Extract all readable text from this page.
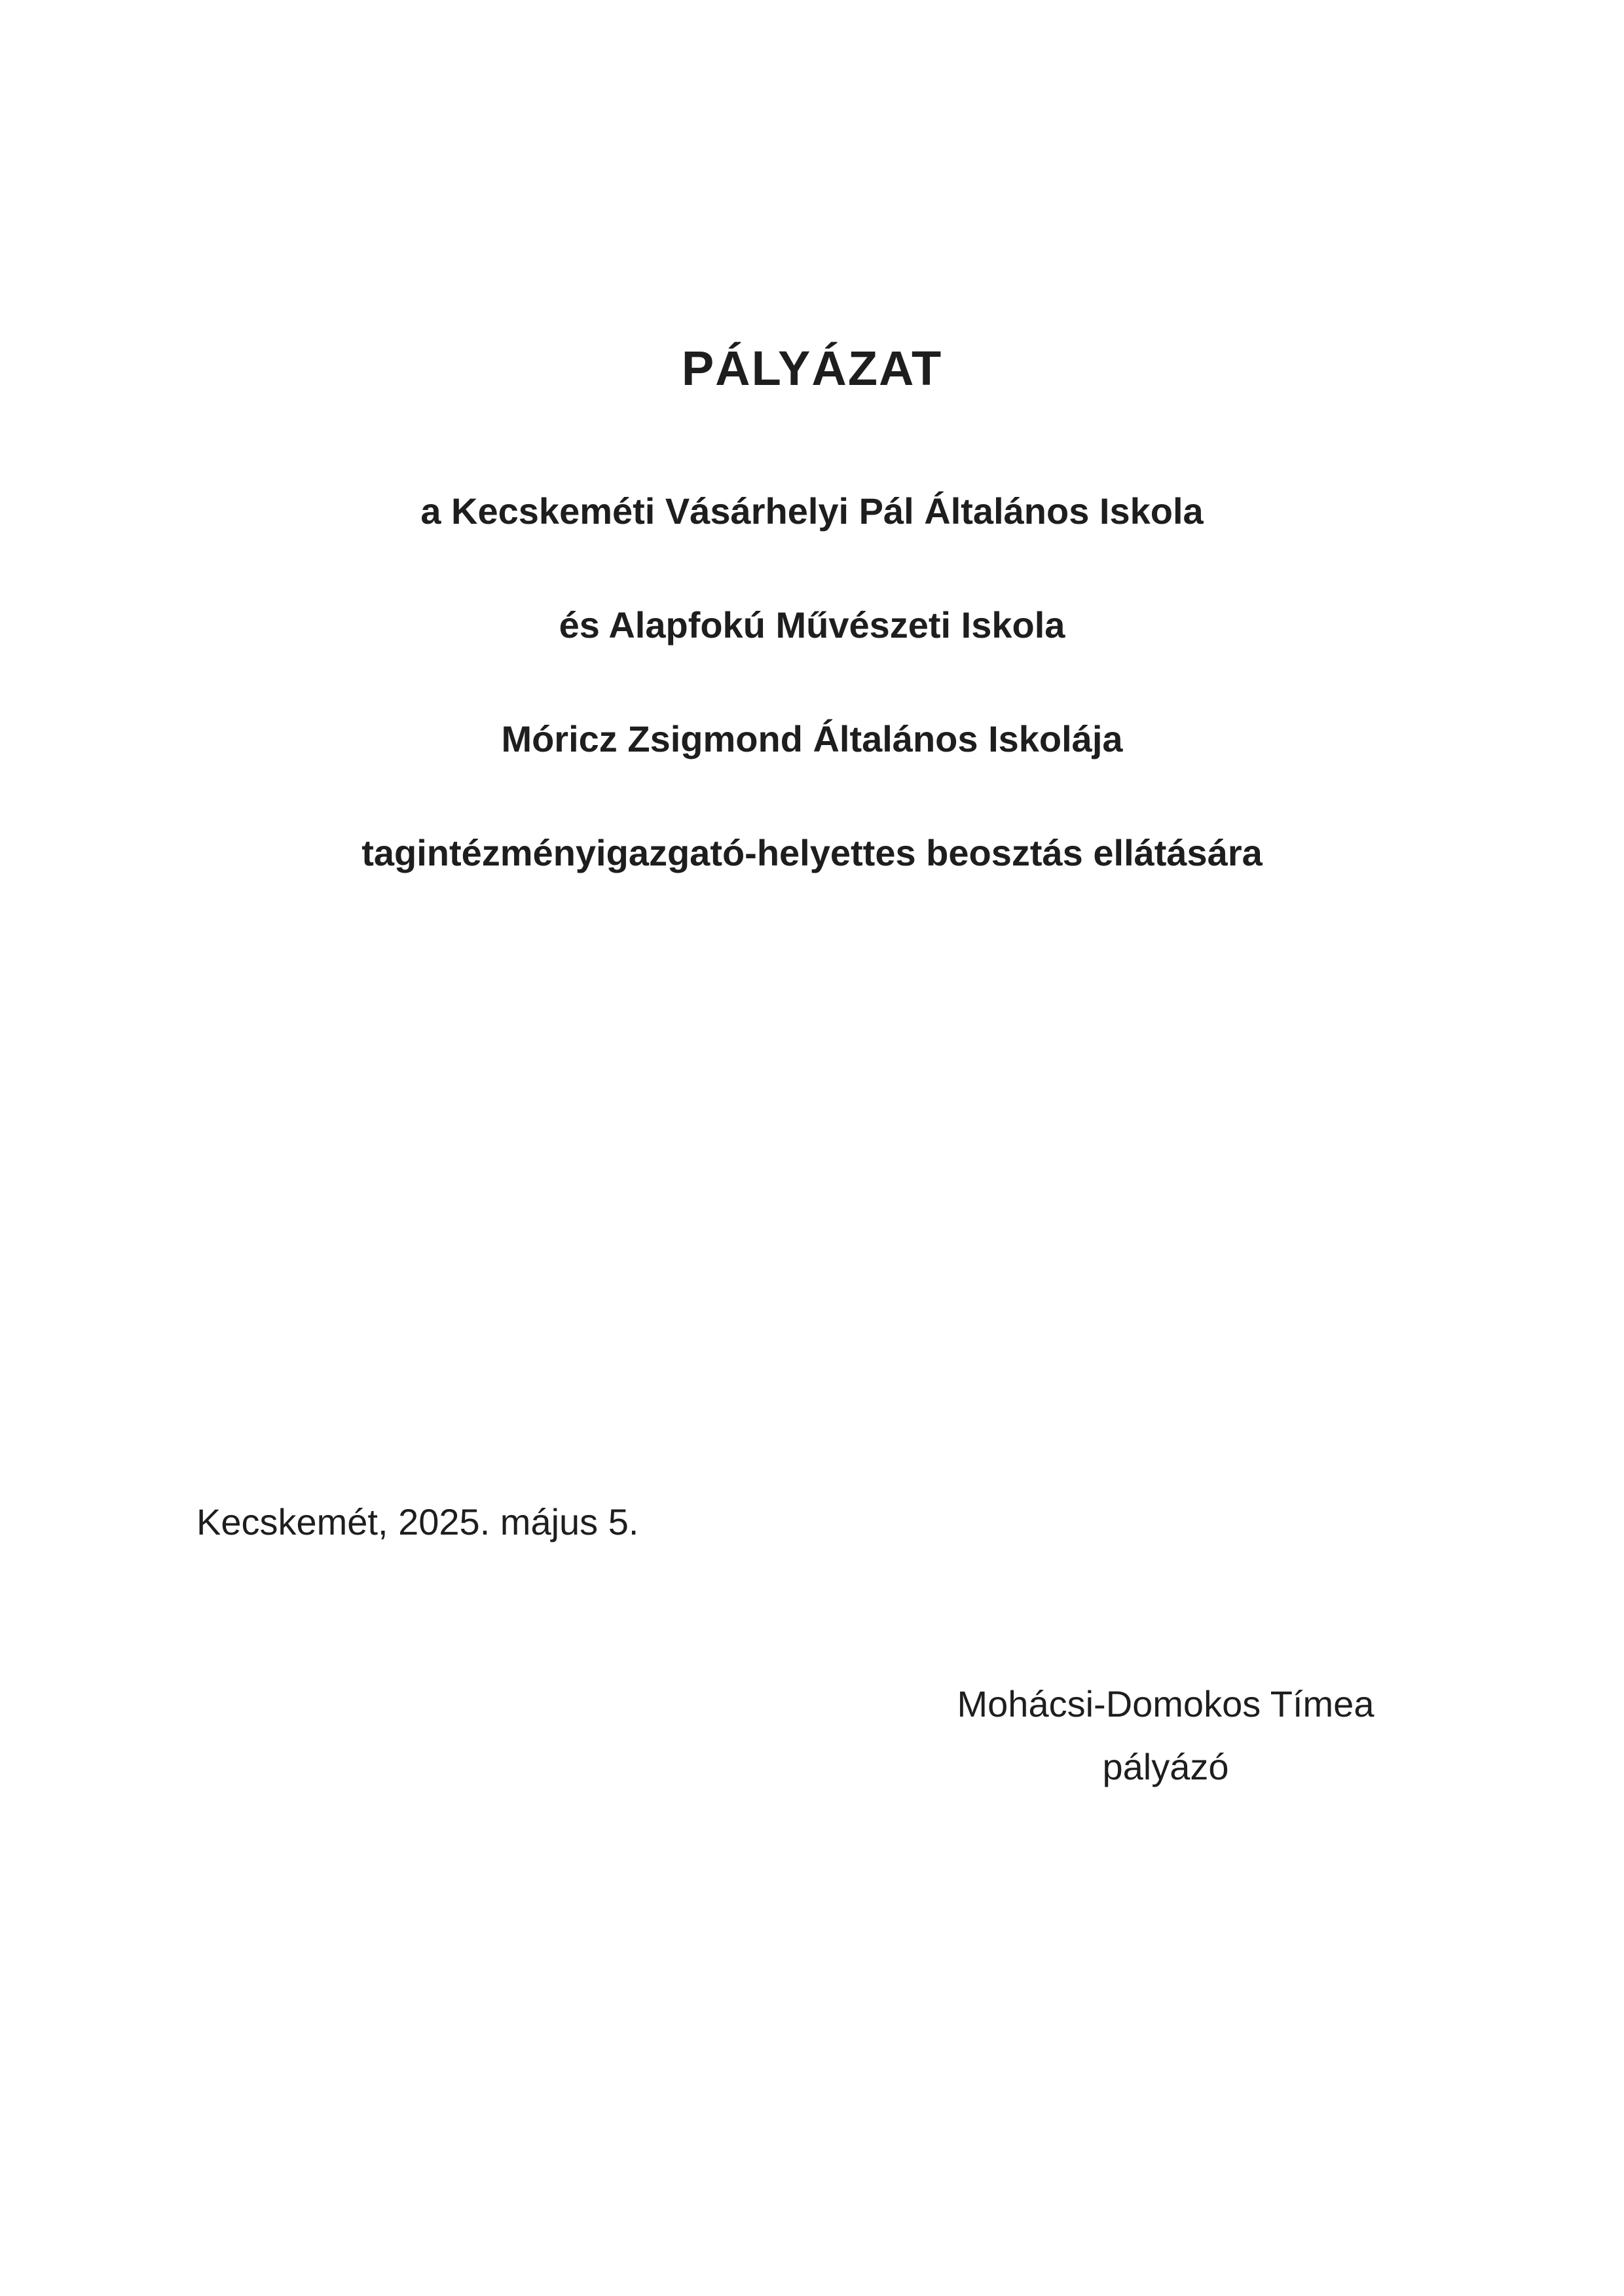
PÁLYÁZAT
a Kecskeméti Vásárhelyi Pál Általános Iskola
és Alapfokú Művészeti Iskola
Móricz Zsigmond Általános Iskolája
tagintézményigazgató-helyettes beosztás ellátására
Kecskemét, 2025. május 5.
Mohácsi-Domokos Tímea
pályázó
